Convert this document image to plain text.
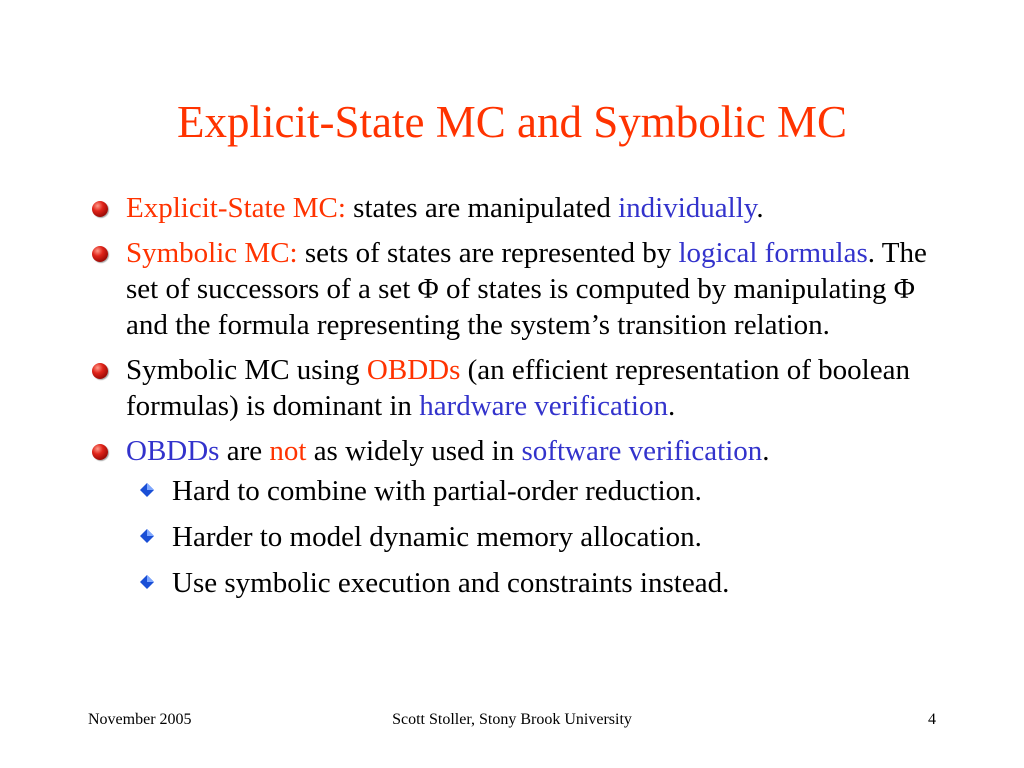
Explicit-State MC and Symbolic MC
Explicit-State MC: states are manipulated individually.
Symbolic MC: sets of states are represented by logical formulas. The set of successors of a set Φ of states is computed by manipulating Φ and the formula representing the system’s transition relation.
Symbolic MC using OBDDs (an efficient representation of boolean formulas) is dominant in hardware verification.
OBDDs are not as widely used in software verification.
Hard to combine with partial-order reduction.
Harder to model dynamic memory allocation.
Use symbolic execution and constraints instead.
November 2005	Scott Stoller, Stony Brook University	4
